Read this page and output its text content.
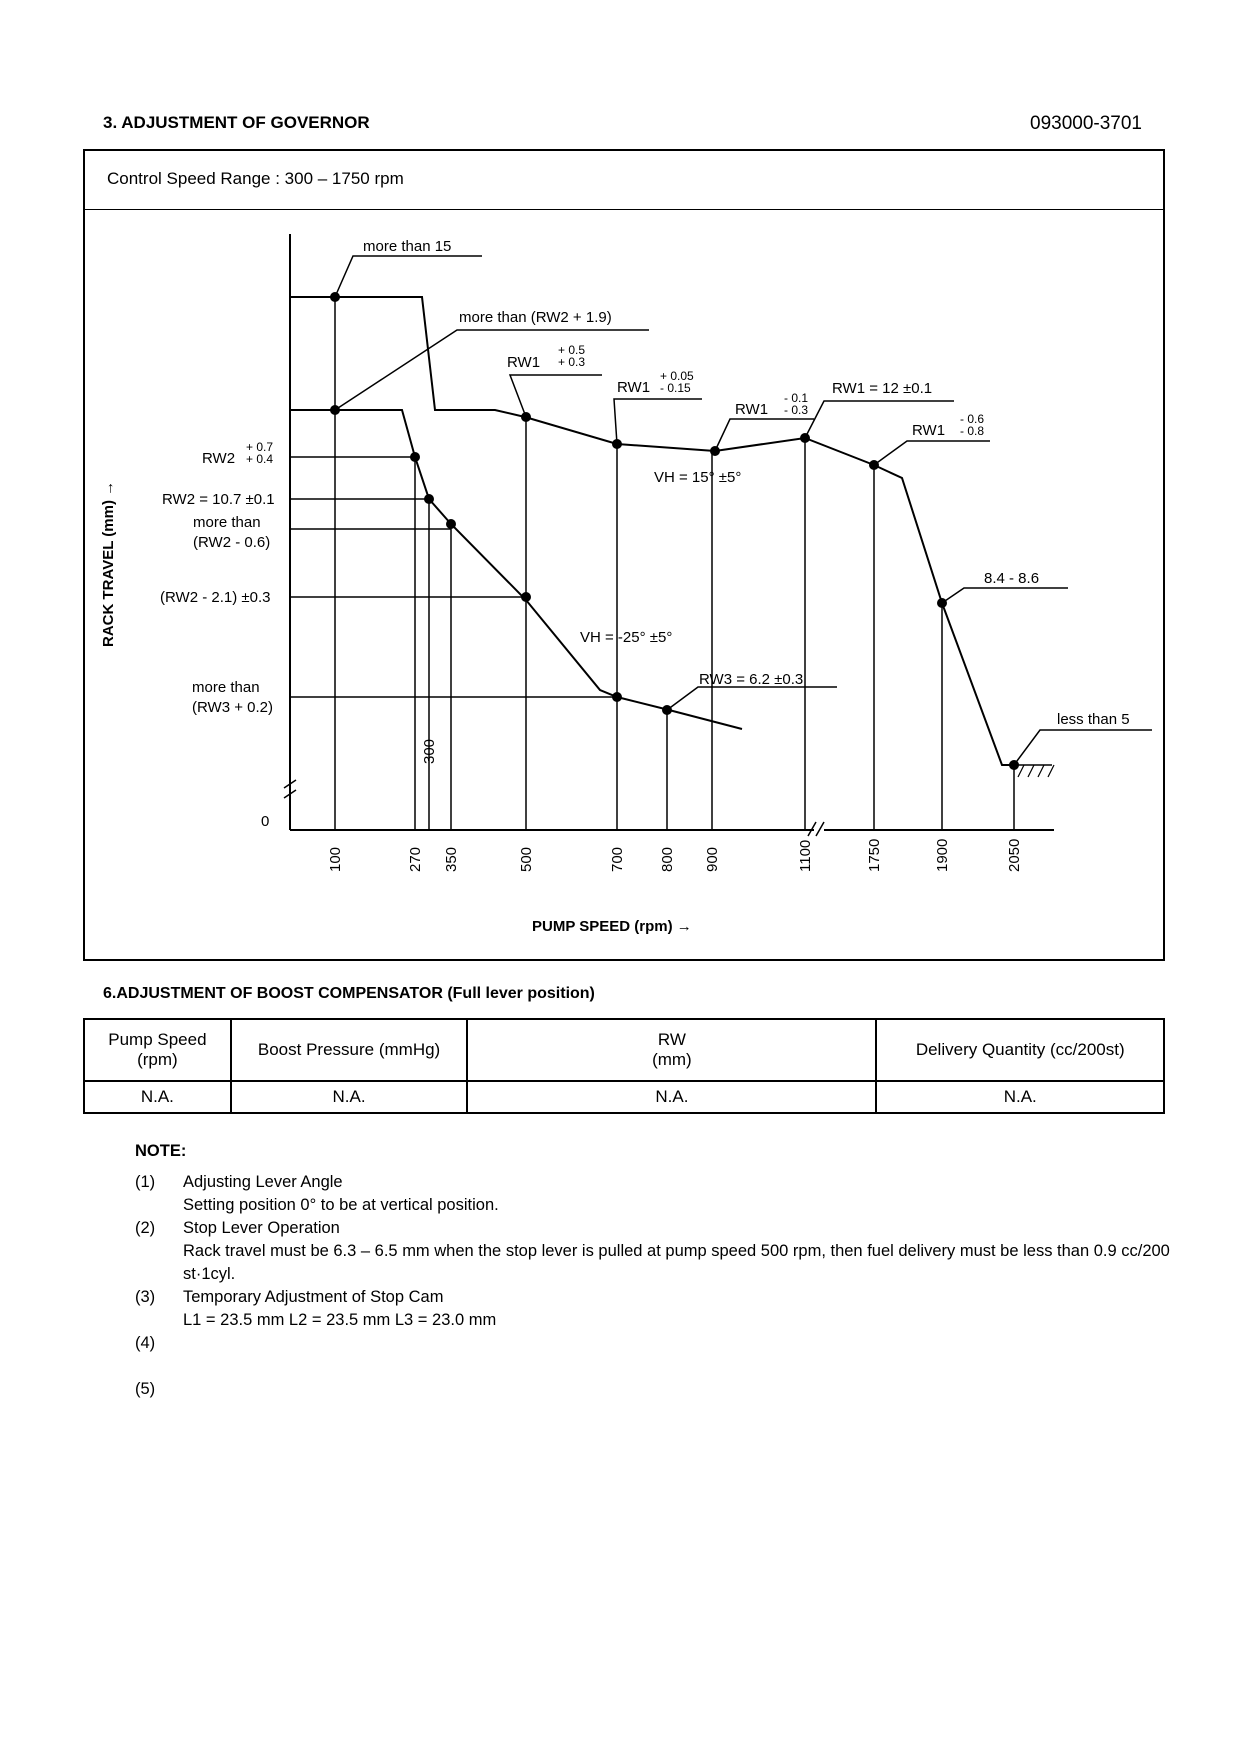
3. ADJUSTMENT OF GOVERNOR	093000-3701
Control Speed Range : 300 – 1750 rpm
more than 15
more than (RW2 + 1.9)
RW1
+ 0.5
+ 0.3
RW1
+ 0.05
- 0.15
RW1
- 0.1
- 0.3
RW1 = 12 ±0.1
RW1
- 0.6
- 0.8
VH = 15° ±5°
VH = -25° ±5°
8.4 - 8.6
less than 5
RW3 = 6.2 ±0.3
RW2
+ 0.7
+ 0.4
RW2 = 10.7 ±0.1
more than
(RW2 - 0.6)
(RW2 - 2.1) ±0.3
more than
(RW3 + 0.2)
0
RACK TRAVEL (mm) →
PUMP SPEED (rpm) →
300
100	270 350	500	700 800 900	1100	1750	1900	2050
6.ADJUSTMENT OF BOOST COMPENSATOR (Full lever position)
Pump Speed
(rpm)	Boost Pressure (mmHg)	RW
(mm)	Delivery Quantity (cc/200st)
N.A.	N.A.	N.A.	N.A.
NOTE:
(1)	Adjusting Lever Angle
Setting position 0° to be at vertical position.
(2)	Stop Lever Operation
Rack travel must be 6.3 – 6.5 mm when the stop lever is pulled at pump speed 500 rpm, then fuel delivery must be less than 0.9 cc/200 st·1cyl.
(3)	Temporary Adjustment of Stop Cam
L1 = 23.5 mm L2 = 23.5 mm L3 = 23.0 mm
(4)
(5)
